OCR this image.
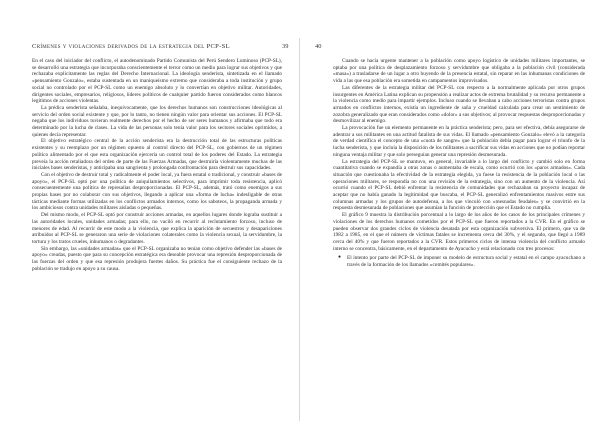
Crímenes y violaciones derivados de la estrategia del PCP-SL	39

En el caso del iniciador del conflicto, el autodenominado Partido Comunista del Perú Sendero Luminoso (PCP-SL), se desarrolló una estrategia que incorporaba conscientemente el terror como un medio para lograr sus objetivos y que rechazaba explícitamente las reglas del Derecho Internacional. La ideología senderista, sintetizada en el llamado «pensamiento Gonzalo», estaba sustentada en un maniqueísmo extremo que consideraba a toda institución y grupo social no controlado por el PCP-SL como un enemigo absoluto y lo convertían en objetivo militar. Autoridades, dirigentes sociales, empresarios, religiosos, líderes políticos de cualquier partido fueron considerados como blancos legítimos de acciones violentas.

La prédica senderista señalaba, inequívocamente, que los derechos humanos son construcciones ideológicas al servicio del orden social existente y que, por lo tanto, no tienen ningún valor para orientar sus acciones. El PCP-SL negaba que los individuos tuvieran realmente derechos por el hecho de ser seres humanos y afirmaba que todo era determinado por la lucha de clases. La vida de las personas solo tenía valor para los sectores sociales oprimidos, a quienes decía representar.

El objetivo estratégico central de la acción senderista era la destrucción total de las estructuras políticas existentes y su reemplazo por un régimen opuesto al control directo del PCP-SL, con gobiernos de un régimen político alimentado por el que esta organización ejercería un control total de los poderes del Estado. La estrategia preveía la acción retaliadora del orden de parte de las Fuerzas Armadas, que destruiría violentamente muchas de las iniciales bases senderistas, y anticipaba una sangrienta y prolongada confrontación para destruir sus capacidades.

Con el objetivo de destruir total y radicalmente el poder local, ya fuera estatal o tradicional, y construir «bases de apoyo», el PCP-SL optó por una política de aniquilamientos selectivos, para imprimir toda resistencia, aplicó consecuentemente una política de represalias desproporcionadas. El PCP-SL, además, trató como enemigos a sus propias bases por no colaborar con sus objetivos, llegando a aplicar una «forma de lucha» indesligable de otras tácticas mediante formas utilizadas en los conflictos armados internos, como los saboteos, la propaganda armada y los ambiciosos contra unidades militares aisladas o pequeñas.

Del mismo modo, el PCP-SL optó por construir acciones armadas, en aquellos lugares donde lograba sustituir a las autoridades locales, unidades armadas; para ello, no vaciló en recurrir al reclutamiento forzoso, incluso de menores de edad. Al recurrir de este modo a la violencia, que explica la aparición de secuestros y desapariciones atribuidos al PCP-SL se generaron una serie de violaciones colaterales como la violencia sexual, la servidumbre, la tortura y los tratos crueles, inhumanos o degradantes.

Sin embargo, las «unidades armadas» que el PCP-SL organizaba no tenían como objetivo defender las «bases de apoyo» creadas, puesto que para su concepción estratégica era deseable provocar una represión desproporcionada de las fuerzas del orden y que esa represión produjera fuertes daños. Su práctica fue el consiguiente rechazo de la población se tradujo en apoyo a su causa.

40

Cuando se hacía urgente mantener a la población como apoyo logístico de unidades militares importantes, se optaba por una política de desplazamiento forzoso y servidumbre que obligaba a la población civil (considerada «masa») a trasladarse de un lugar a otro huyendo de la presencia estatal, sin reparar en las inhumanas condiciones de vida a las que esa población era sometida en campamentos improvisados.

Las diferentes de la estrategia militar del PCP-SL con respecto a la normalmente aplicada por otros grupos insurgentes en América Latina explican su propensión a realizar actos de extrema brutalidad y su recurso permanente a la violencia como medio para impartir ejemplos. Incluso cuando se llevaban a cabo acciones terroristas contra grupos armados en conflictos internos, existía un ingrediente de saña y crueldad calculada para crear un sentimiento de zozobra generalizado que eran considerados como «dolor» a sus objetivos; al provocar respuestas desproporcionadas y desmovilizar al enemigo.

La provocación fue un elemento permanente en la práctica senderista; pero, para ser efectiva, debía asegurarse de adentrar a sus militantes en una actitud fatalista de sus vidas. El llamado «pensamiento Gonzalo» elevó a la categoría de verdad científica el concepto de una «cuota de sangre» que la población debía pagar para lograr el triunfo de la lucha senderista, y que incluía la disposición de los militantes a sacrificar sus vidas en acciones que no podían reportar ninguna ventaja militar y que solo perseguían generar una represión desmesurada.

La estrategia del PCP-SL se mantuvo, en general, invariable a lo largo del conflicto y cambió solo en forma cuantitativa cuando se expandía a otras zonas o aumentaba de escala, como ocurrió con los «paros armados». Cada situación que cuestionaba la efectividad de la estrategia elegida, ya fuese la resistencia de la población local o las operaciones militares, se respondía no con una revisión de la estrategia, sino con un aumento de la violencia. Así ocurrió cuando el PCP-SL debió enfrentar la resistencia de comunidades que rechazaban su proyecto incapaz de aceptar que no había ganado la legitimidad que buscaba, el PCP-SL generalizó enfrentamientos masivos entre sus columnas armadas y los grupos de autodefensa, a los que vinculó con «mesnadas feudales» y se convirtió en la respuesta desmesurada de poblaciones que asumían la función de protección que el Estado no cumplía.

El gráfico 9 muestra la distribución porcentual a lo largo de los años de los casos de los principales crímenes y violaciones de los derechos humanos cometidos por el PCP-SL que fueron reportados a la CVR. En el gráfico se pueden observar dos grandes ciclos de violencia desatada por esta organización subversiva. El primero, que va de 1982 a 1985, en el que el número de víctimas fatales se incrementa cerca del 30%, y el segundo, que llegó a 1989 cerca del 40% y que fueron reportados a la CVR. Estos primeros ciclos de intensa violencia del conflicto armado interno se concentra, básicamente, en el departamento de Ayacucho y está relacionado con tres procesos:

● El intento por parte del PCP-SL de imponer su modelo de estructura social y estatal en el campo ayacuchano a través de la formación de los llamados «comités populares».
